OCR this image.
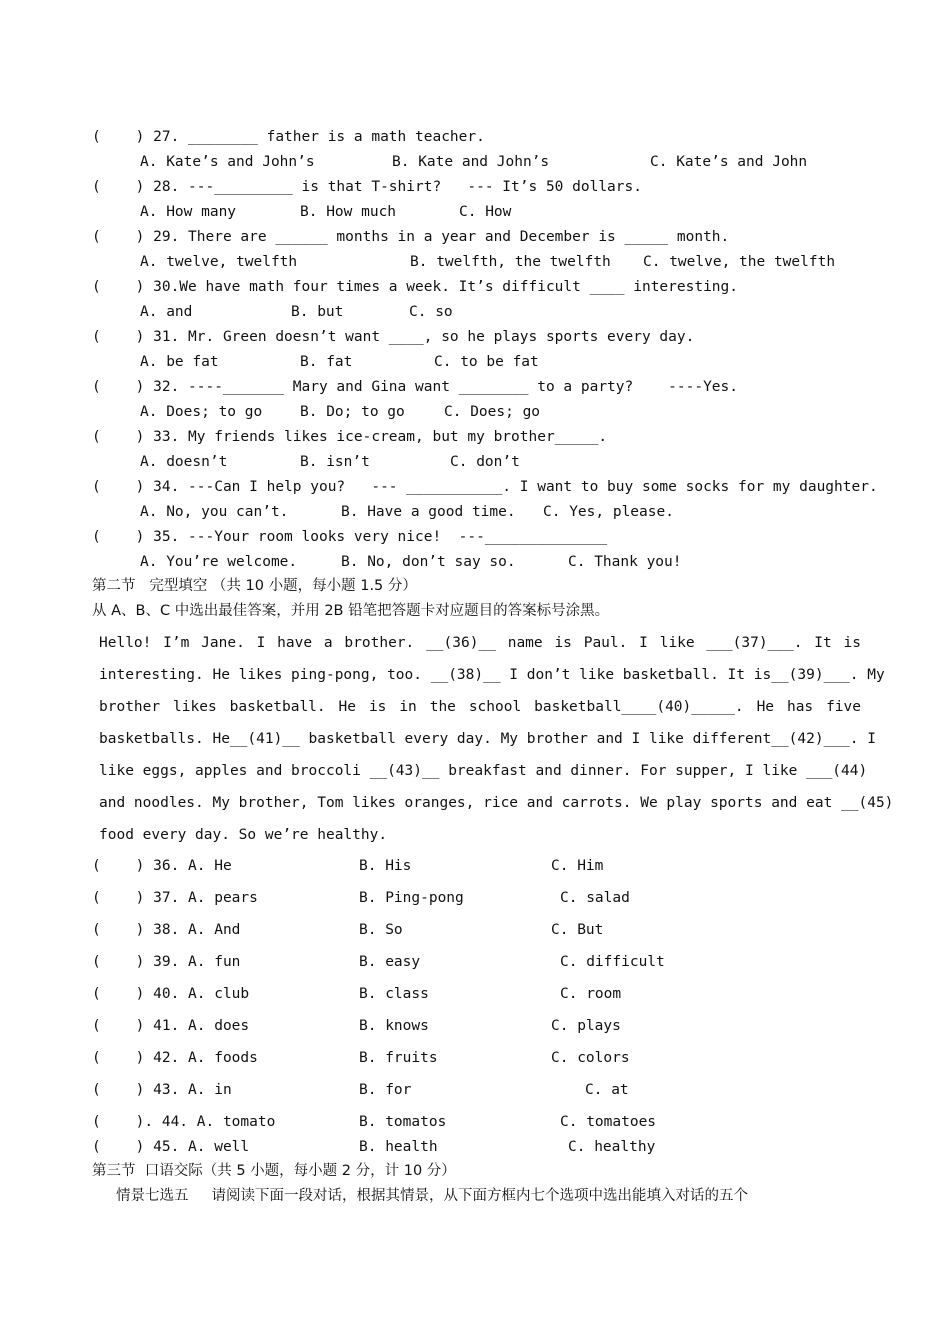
(    ) 27. ________ father is a math teacher.
A. Kate’s and John’s	B. Kate and John’s	C. Kate’s and John
(    ) 28. ---_________ is that T-shirt?   --- It’s 50 dollars.
A. How many	B. How much	C. How
(    ) 29. There are ______ months in a year and December is _____ month.
A. twelve, twelfth	B. twelfth, the twelfth C. twelve, the twelfth
(    ) 30.We have math four times a week. It’s difficult ____ interesting.
A. and	B. but	C. so
(    ) 31. Mr. Green doesn’t want ____, so he plays sports every day.
A. be fat	B. fat	C. to be fat
(    ) 32. ----_______ Mary and Gina want ________ to a party?    ----Yes.
A. Does; to go	B. Do; to go	C. Does; go
(    ) 33. My friends likes ice-cream, but my brother_____.
A. doesn’t	B. isn’t	C. don’t
(    ) 34. ---Can I help you?   --- ___________. I want to buy some socks for my daughter.
A. No, you can’t.	B. Have a good time. C. Yes, please.
(    ) 35. ---Your room looks very nice!  ---______________
A. You’re welcome.	B. No, don’t say so.	C. Thank you!
第二节   完型填空 （共 10 小题，每小题 1.5 分）
从 A、B、C 中选出最佳答案，并用 2B 铅笔把答题卡对应题目的答案标号涂黑。
Hello! I’m Jane. I have a brother. __(36)__ name is Paul. I like ___(37)___. It is
interesting. He likes ping-pong, too. __(38)__ I don’t like basketball. It is__(39)___. My
brother likes basketball. He is in the school basketball____(40)_____. He has five
basketballs. He__(41)__ basketball every day. My brother and I like different__(42)___. I
like eggs, apples and broccoli __(43)__ breakfast and dinner. For supper, I like ___(44)
and noodles. My brother, Tom likes oranges, rice and carrots. We play sports and eat __(45)
food every day. So we’re healthy.
(    ) 36. A. He	B. His	C. Him
(    ) 37. A. pears	B. Ping-pong	C. salad
(    ) 38. A. And	B. So	C. But
(    ) 39. A. fun	B. easy	C. difficult
(    ) 40. A. club	B. class	C. room
(    ) 41. A. does	B. knows	C. plays
(    ) 42. A. foods	B. fruits	C. colors
(    ) 43. A. in	B. for	C. at
(    ). 44. A. tomato	B. tomatos	C. tomatoes
(    ) 45. A. well	B. health	C. healthy
第三节  口语交际（共 5 小题，每小题 2 分，计 10 分）
情景七选五     请阅读下面一段对话，根据其情景，从下面方框内七个选项中选出能填入对话的五个
